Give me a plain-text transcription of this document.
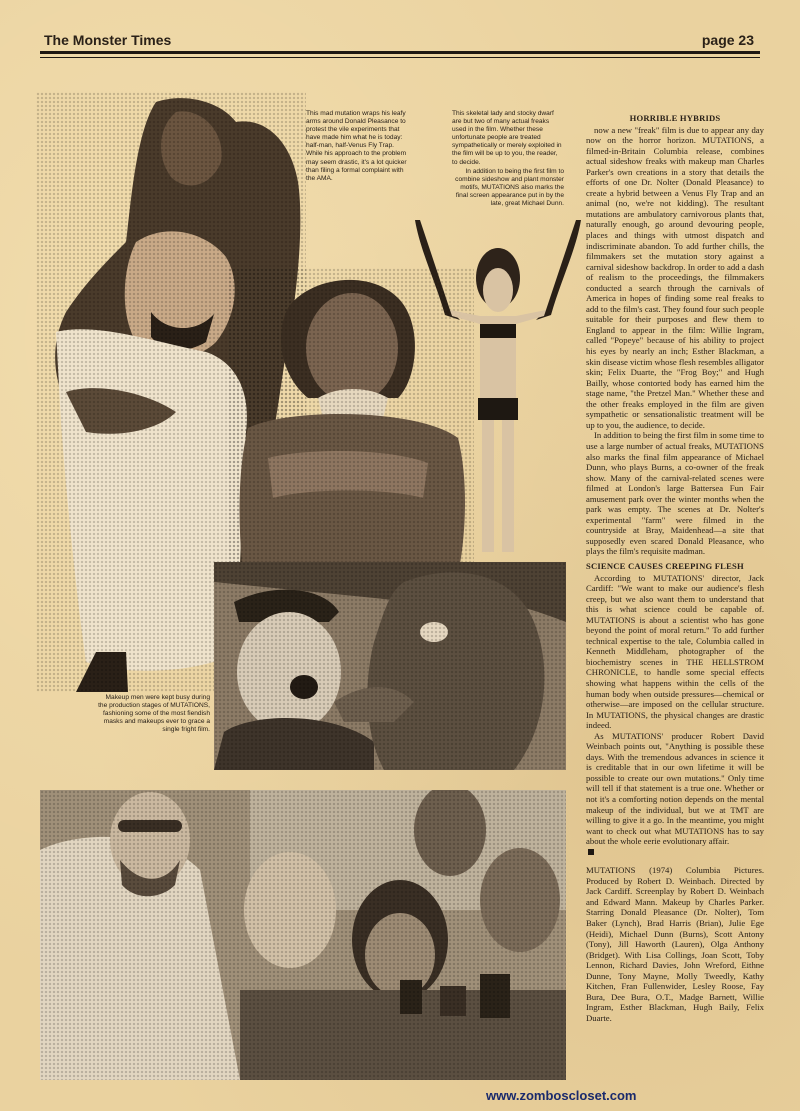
The Monster Times	page 23

This mad mutation wraps his leafy arms around Donald Pleasance to protest the vile experiments that have made him what he is today: half-man, half-Venus Fly Trap. While his approach to the problem may seem drastic, it's a lot quicker than filing a formal complaint with the AMA.

This skeletal lady and stocky dwarf are but two of many actual freaks used in the film. Whether these unfortunate people are treated sympathetically or merely exploited in the film will be up to you, the reader, to decide.

In addition to being the first film to combine sideshow and plant monster motifs, MUTATIONS also marks the final screen appearance put in by the late, great Michael Dunn.

Makeup men were kept busy during the production stages of MUTATIONS, fashioning some of the most fiendish masks and makeups ever to grace a single fright film.

HORRIBLE HYBRIDS

now a new "freak" film is due to appear any day now on the horror horizon. MUTATIONS, a filmed-in-Britain Columbia release, combines actual sideshow freaks with makeup man Charles Parker's own creations in a story that details the efforts of one Dr. Nolter (Donald Pleasance) to create a hybrid between a Venus Fly Trap and an animal (no, we're not kidding). The resultant mutations are ambulatory carnivorous plants that, naturally enough, go around devouring people, places and things with utmost dispatch and indiscriminate abandon. To add further chills, the filmmakers set the mutation story against a carnival sideshow backdrop. In order to add a dash of realism to the proceedings, the filmmakers conducted a search through the carnivals of America in hopes of finding some real freaks to add to the film's cast. They found four such people suitable for their purposes and flew them to England to appear in the film: Willie Ingram, called "Popeye" because of his ability to project his eyes by nearly an inch; Esther Blackman, a skin disease victim whose flesh resembles alligator skin; Felix Duarte, the "Frog Boy;" and Hugh Bailly, whose contorted body has earned him the stage name, "the Pretzel Man." Whether these and the other freaks employed in the film are given sympathetic or sensationalistic treatment will be up to you, the audience, to decide.

In addition to being the first film in some time to use a large number of actual freaks, MUTATIONS also marks the final film appearance of Michael Dunn, who plays Burns, a co-owner of the freak show. Many of the carnival-related scenes were filmed at London's large Battersea Fun Fair amusement park over the winter months when the park was empty. The scenes at Dr. Nolter's experimental "farm" were filmed in the countryside at Bray, Maidenhead—a site that supposedly even scared Donald Pleasance, who plays the film's requisite madman.

SCIENCE CAUSES CREEPING FLESH

According to MUTATIONS' director, Jack Cardiff: "We want to make our audience's flesh creep, but we also want them to understand that this is what science could be capable of. MUTATIONS is about a scientist who has gone beyond the point of moral return." To add further technical expertise to the tale, Columbia called in Kenneth Middleham, photographer of the biochemistry scenes in THE HELLSTROM CHRONICLE, to handle some special effects showing what happens within the cells of the human body when outside pressures—chemical or otherwise—are imposed on the cellular structure. In MUTATIONS, the physical changes are drastic indeed.

As MUTATIONS' producer Robert David Weinbach points out, "Anything is possible these days. With the tremendous advances in science it is creditable that in our own lifetime it will be possible to create our own mutations." Only time will tell if that statement is a true one. Whether or not it's a comforting notion depends on the mental makeup of the individual, but we at TMT are willing to give it a go. In the meantime, you might want to check out what MUTATIONS has to say about the whole eerie evolutionary affair.

MUTATIONS (1974) Columbia Pictures. Produced by Robert D. Weinbach. Directed by Jack Cardiff. Screenplay by Robert D. Weinbach and Edward Mann. Makeup by Charles Parker. Starring Donald Pleasance (Dr. Nolter), Tom Baker (Lynch), Brad Harris (Brian), Julie Ege (Heidi), Michael Dunn (Burns), Scott Antony (Tony), Jill Haworth (Lauren), Olga Anthony (Bridget). With Lisa Collings, Joan Scott, Toby Lennon, Richard Davies, John Wreford, Eithne Dunne, Tony Mayne, Molly Tweedly, Kathy Kitchen, Fran Fullenwider, Lesley Roose, Fay Bura, Dee Bura, O.T., Madge Barnett, Willie Ingram, Esther Blackman, Hugh Baily, Felix Duarte.

www.zomboscloset.com
